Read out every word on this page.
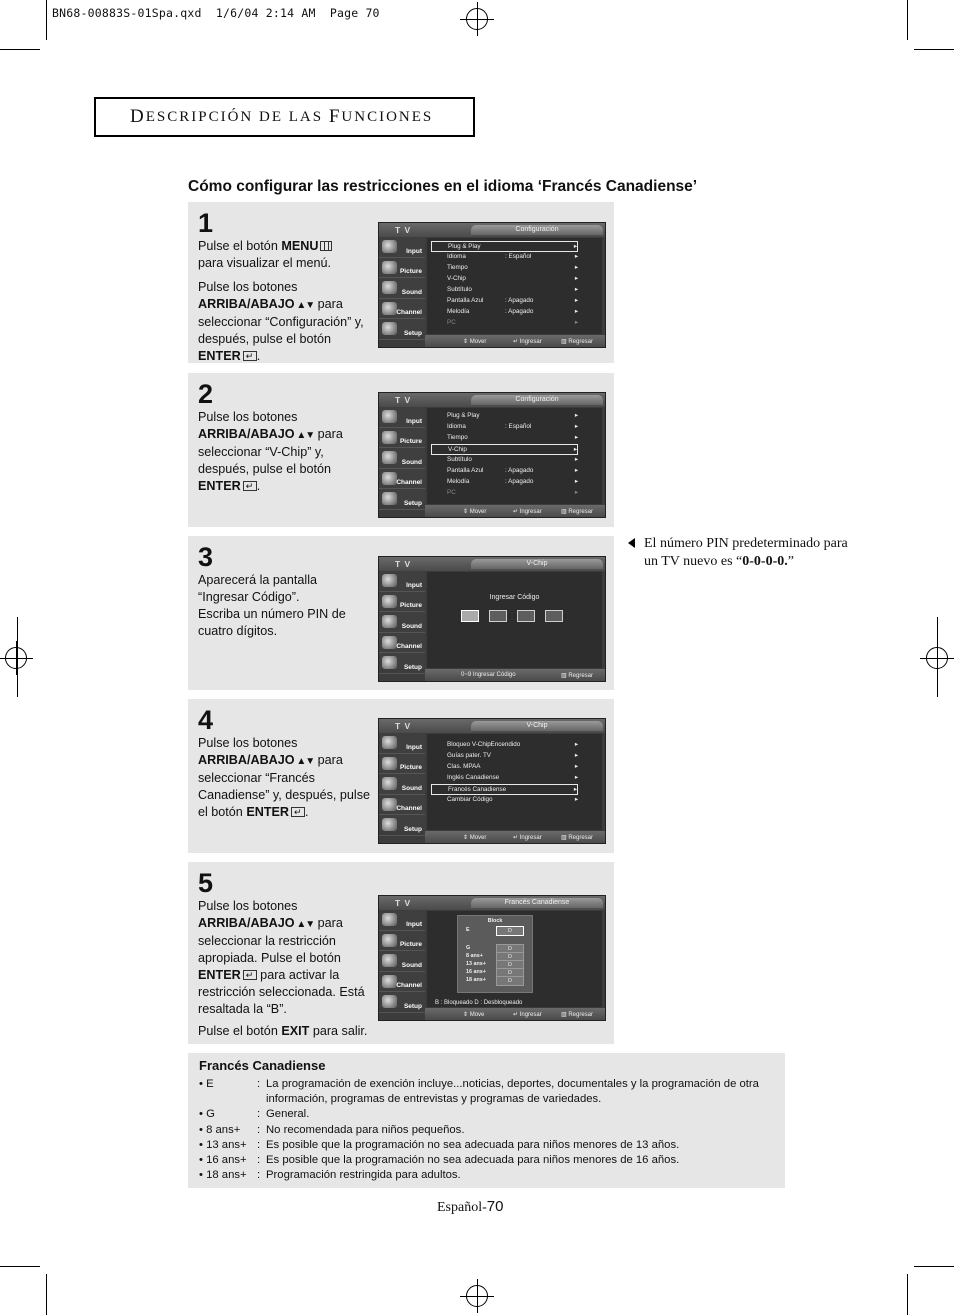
BN68-00883S-01Spa.qxd  1/6/04 2:14 AM  Page 70
D ESCRIPCIÓN DE LAS
F UNCIONES
Cómo configurar las restricciones en el idioma ‘Francés Canadiense’
1

Pulse el botón MENU
para visualizar el menú.

Pulse los botones
ARRIBA/ABAJO ▲▼ para seleccionar “Configuración” y, después, pulse el botón ENTER ↵ .

T V	Configuración
Input
Picture
Sound
Channel
Setup
Plug & Play	▸
Idioma	: Español	▸
Tiempo	▸
V-Chip	▸
Subtítulo	▸
Pantalla Azul	: Apagado	▸
Melodía	: Apagado	▸
PC	▸
⇕ Mover	↵ Ingresar	▥ Regresar
2

Pulse los botones
ARRIBA/ABAJO ▲▼ para seleccionar “V-Chip” y, después, pulse el botón ENTER ↵ .

T V	Configuración
Input
Picture
Sound
Channel
Setup
Plug & Play	▸
Idioma	: Español	▸
Tiempo	▸
V-Chip	▸
Subtítulo	▸
Pantalla Azul	: Apagado	▸
Melodía	: Apagado	▸
PC	▸
⇕ Mover	↵ Ingresar	▥ Regresar
3

Aparecerá la pantalla “Ingresar Código”.

Escriba un número PIN de cuatro dígitos.

T V	V-Chip
Input
Picture
Sound
Channel
Setup
Ingresar Código
0~9 Ingresar Código	▥ Regresar
4

Pulse los botones
ARRIBA/ABAJO ▲▼ para seleccionar “Francés Canadiense” y, después, pulse el botón ENTER ↵ .

T V	V-Chip
Input
Picture
Sound
Channel
Setup
Bloqueo V-Chip
: Encendido	▸
Guías pater. TV	▸
Clas. MPAA	▸
Inglés Canadiense	▸
Francés Canadiense	▸
Cambiar Código	▸
⇕ Mover	↵ Ingresar	▥ Regresar
5

Pulse los botones
ARRIBA/ABAJO ▲▼ para seleccionar la restricción apropiada. Pulse el botón ENTER↵ para activar la restricción seleccionada. Está resaltada la “B”.

Pulse el botón EXIT para salir.
T V	Francés Canadiense
Input
Picture
Sound
Channel
Setup
Block
E	D
G	D
8 ans+	D
13 ans+	D
16 ans+	D
18 ans+	D
B : Bloqueado D : Desbloqueado
⇕ Move	↵ Ingresar	▥ Regresar
El número PIN predeterminado para un TV nuevo es “0-0-0-0.”
Francés Canadiense
• E	: La programación de exención incluye...noticias, deportes, documentales y la programación de otra información, programas de entrevistas y programas de variedades.
• G	: General.
• 8 ans+	: No recomendada para niños pequeños.
• 13 ans+ : Es posible que la programación no sea adecuada para niños menores de 13 años.
• 16 ans+ : Es posible que la programación no sea adecuada para niños menores de 16 años.
• 18 ans+ : Programación restringida para adultos.
Español-70
